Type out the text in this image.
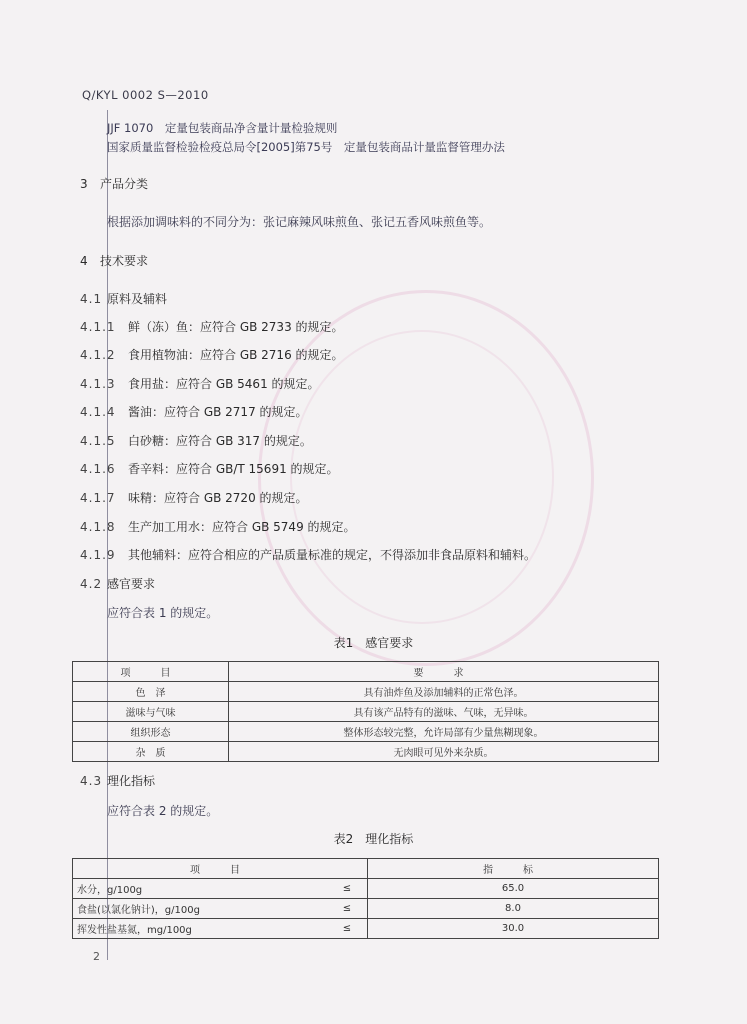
Q/KYL 0002 S—2010
JJF 1070　定量包装商品净含量计量检验规则
国家质量监督检验检疫总局令[2005]第75号　定量包装商品计量监督管理办法
3 产品分类
根据添加调味料的不同分为：张记麻辣风味煎鱼、张记五香风味煎鱼等。
4 技术要求
4.1 原料及辅料
4.1.1 鲜（冻）鱼：应符合 GB 2733 的规定。
4.1.2 食用植物油：应符合 GB 2716 的规定。
4.1.3 食用盐：应符合 GB 5461 的规定。
4.1.4 酱油：应符合 GB 2717 的规定。
4.1.5 白砂糖：应符合 GB 317 的规定。
4.1.6 香辛料：应符合 GB/T 15691 的规定。
4.1.7 味精：应符合 GB 2720 的规定。
4.1.8 生产加工用水：应符合 GB 5749 的规定。
4.1.9 其他辅料：应符合相应的产品质量标准的规定，不得添加非食品原料和辅料。
4.2 感官要求
应符合表 1 的规定。
表1　感官要求
项　目	要　求
色　泽	具有油炸鱼及添加辅料的正常色泽。
滋味与气味	具有该产品特有的滋味、气味，无异味。
组织形态	整体形态较完整，允许局部有少量焦糊现象。
杂　质	无肉眼可见外来杂质。
4.3 理化指标
应符合表 2 的规定。
表2　理化指标
项　目		指　标
水分，g/100g	≤	65.0
食盐(以氯化钠计)，g/100g	≤	8.0
挥发性盐基氮，mg/100g	≤	30.0
2
